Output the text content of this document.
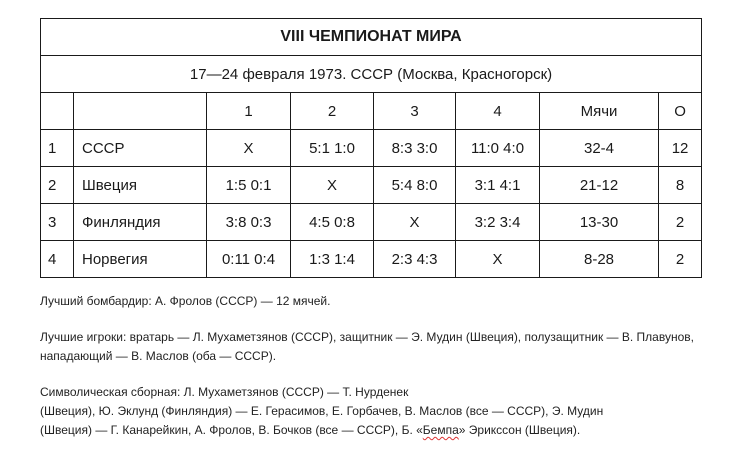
VIII ЧЕМПИОНАТ МИРА							
17—24 февраля 1973. СССР (Москва, Красногорск)							
		1	2	3	4	Мячи	О
1	СССР	Х	5:1 1:0	8:3 3:0	11:0 4:0	32-4	12
2	Швеция	1:5 0:1	Х	5:4 8:0	3:1 4:1	21-12	8
3	Финляндия	3:8 0:3	4:5 0:8	Х	3:2 3:4	13-30	2
4	Норвегия	0:11 0:4	1:3 1:4	2:3 4:3	Х	8-28	2

Лучший бомбардир: А. Фролов (СССР) — 12 мячей.

Лучшие игроки: вратарь — Л. Мухаметзянов (СССР), защитник — Э. Мудин (Швеция), полузащитник — В. Плавунов, нападающий — В. Маслов (оба — СССР).

Символическая сборная: Л. Мухаметзянов (СССР) — Т. Нурденек
(Швеция), Ю. Эклунд (Финляндия) — Е. Герасимов, Е. Горбачев, В. Маслов (все — СССР), Э. Мудин
(Швеция) — Г. Канарейкин, А. Фролов, В. Бочков (все — СССР), Б. «Бемпа» Эрикссон (Швеция).
